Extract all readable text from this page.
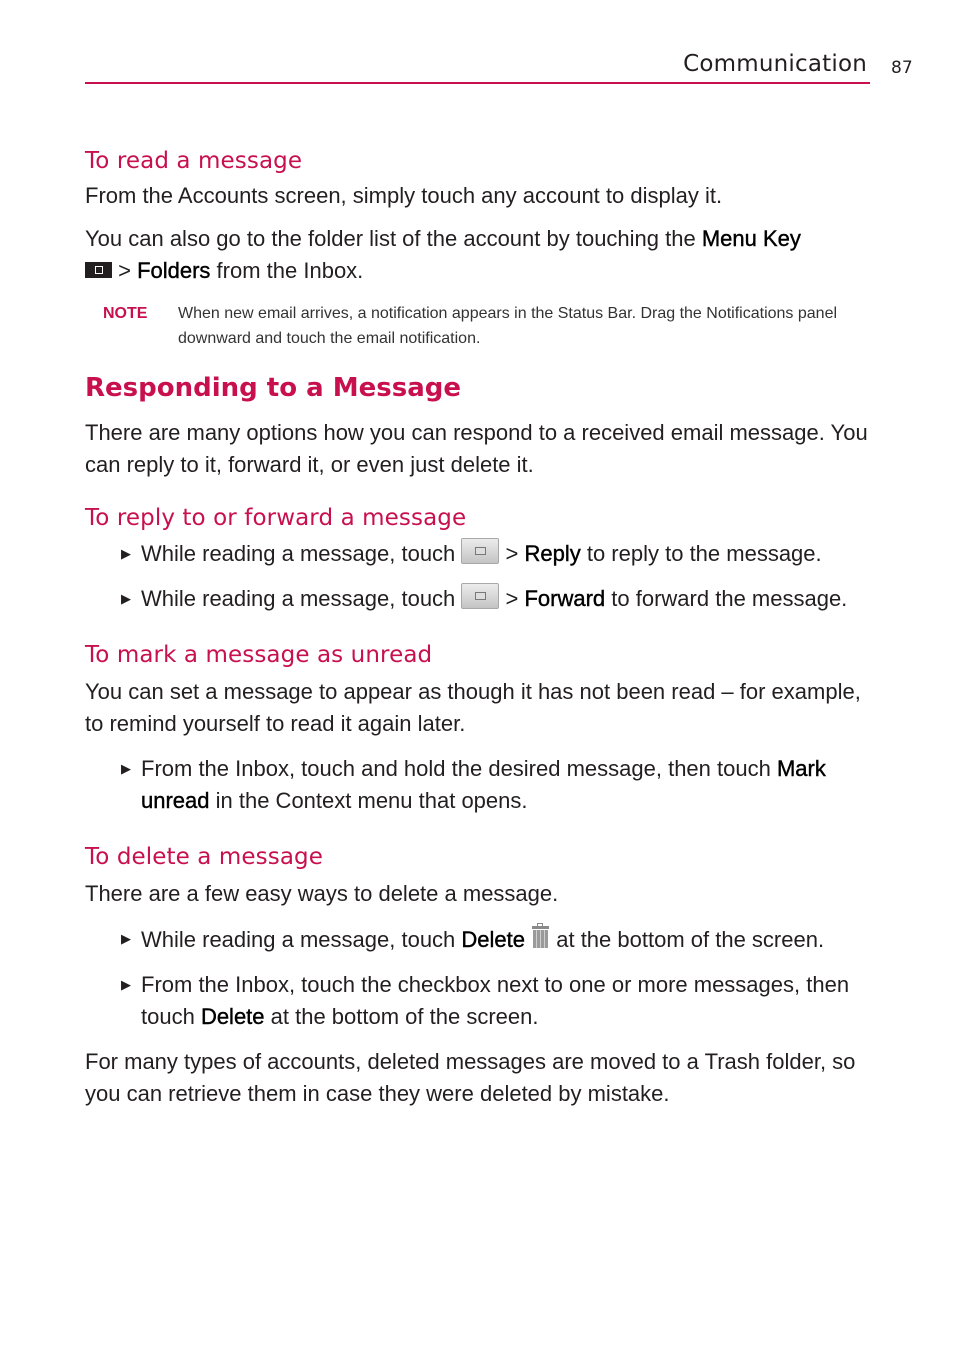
Communication 87
To read a message

From the Accounts screen, simply touch any account to display it.

You can also go to the folder list of the account by touching the Menu Key
> Folders from the Inbox.

NOTE	When new email arrives, a notification appears in the Status Bar. Drag the Notifications panel downward and touch the email notification.
Responding to a Message

There are many options how you can respond to a received email message. You can reply to it, forward it, or even just delete it.

To reply to or forward a message
▶ While reading a message, touch  > Reply to reply to the message.
▶ While reading a message, touch  > Forward to forward the message.
To mark a message as unread

You can set a message to appear as though it has not been read – for example, to remind yourself to read it again later.

▶ From the Inbox, touch and hold the desired message, then touch Mark unread in the Context menu that opens.
To delete a message

There are a few easy ways to delete a message.

▶ While reading a message, touch Delete
at the bottom of the screen.
▶ From the Inbox, touch the checkbox next to one or more messages, then touch Delete at the bottom of the screen.

For many types of accounts, deleted messages are moved to a Trash folder, so you can retrieve them in case they were deleted by mistake.
